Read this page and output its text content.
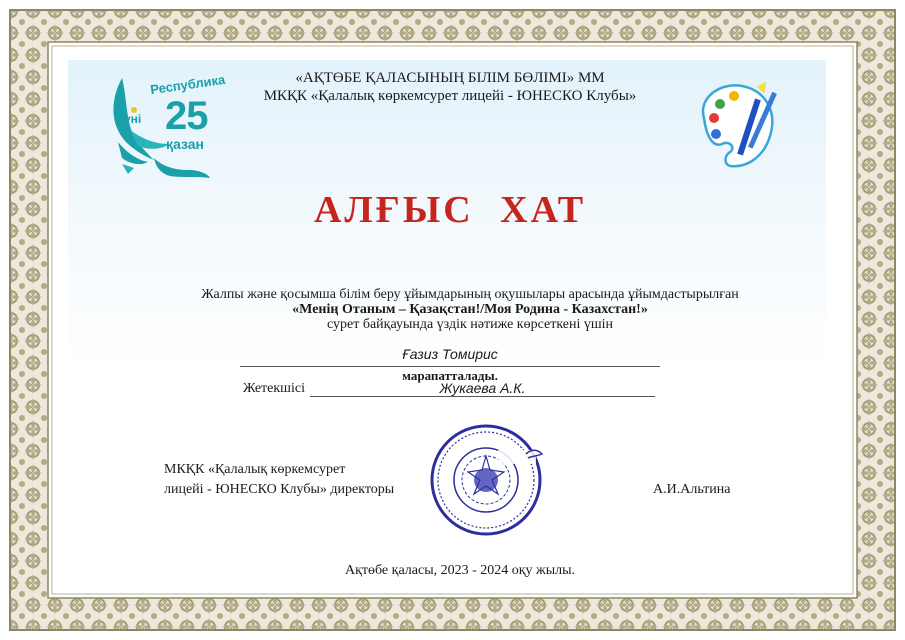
Республика
күні 25
қазан
«АҚТӨБЕ ҚАЛАСЫНЫҢ БІЛІМ БӨЛІМІ» ММ
МКҚК «Қалалық көркемсурет лицейі - ЮНЕСКО Клубы»
АЛҒЫС ХАТ
Жалпы және қосымша білім беру ұйымдарының оқушылары арасында ұйымдастырылған
«Менің Отаным – Қазақстан!/Моя Родина - Казахстан!»
сурет байқауында үздік нәтиже көрсеткені үшін
Ғазиз Томирис
марапатталады.
Жетекшісі	Жукаева А.К.
МКҚК «Қалалық көркемсурет
лицейі - ЮНЕСКО Клубы» директоры	А.И.Альтина
Ақтөбе қаласы, 2023 - 2024 оқу жылы.
